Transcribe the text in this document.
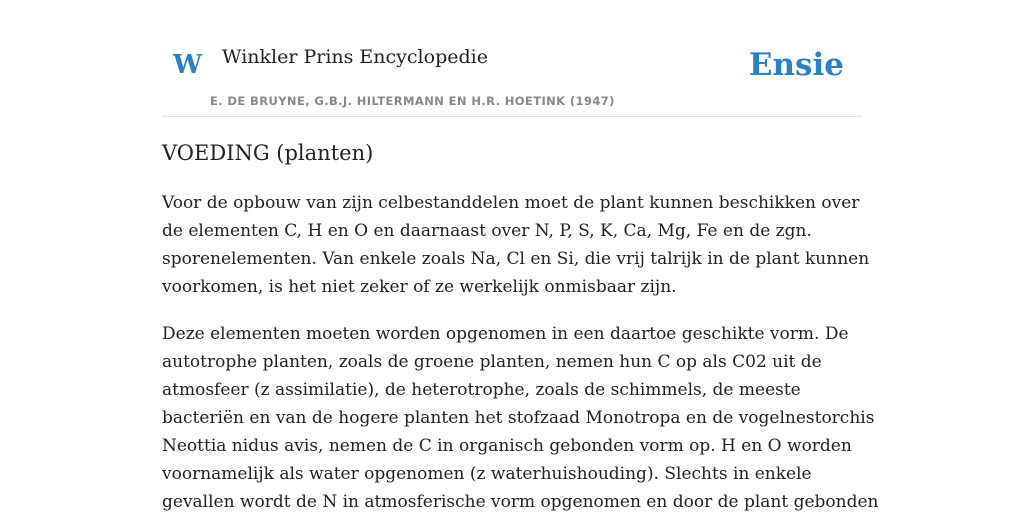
W Winkler Prins Encyclopedie
E. DE BRUYNE, G.B.J. HILTERMANN EN H.R. HOETINK (1947)
Ensie
VOEDING (planten)

Voor de opbouw van zijn celbestanddelen moet de plant kunnen beschikken over
de elementen C, H en O en daarnaast over N, P, S, K, Ca, Mg, Fe en de zgn.
sporenelementen. Van enkele zoals Na, Cl en Si, die vrij talrijk in de plant kunnen
voorkomen, is het niet zeker of ze werkelijk onmisbaar zijn.

Deze elementen moeten worden opgenomen in een daartoe geschikte vorm. De
autotrophe planten, zoals de groene planten, nemen hun C op als C02 uit de
atmosfeer (z assimilatie), de heterotrophe, zoals de schimmels, de meeste
bacteriën en van de hogere planten het stofzaad Monotropa en de vogelnestorchis
Neottia nidus avis, nemen de C in organisch gebonden vorm op. H en O worden
voornamelijk als water opgenomen (z waterhuishouding). Slechts in enkele
gevallen wordt de N in atmosferische vorm opgenomen en door de plant gebonden
